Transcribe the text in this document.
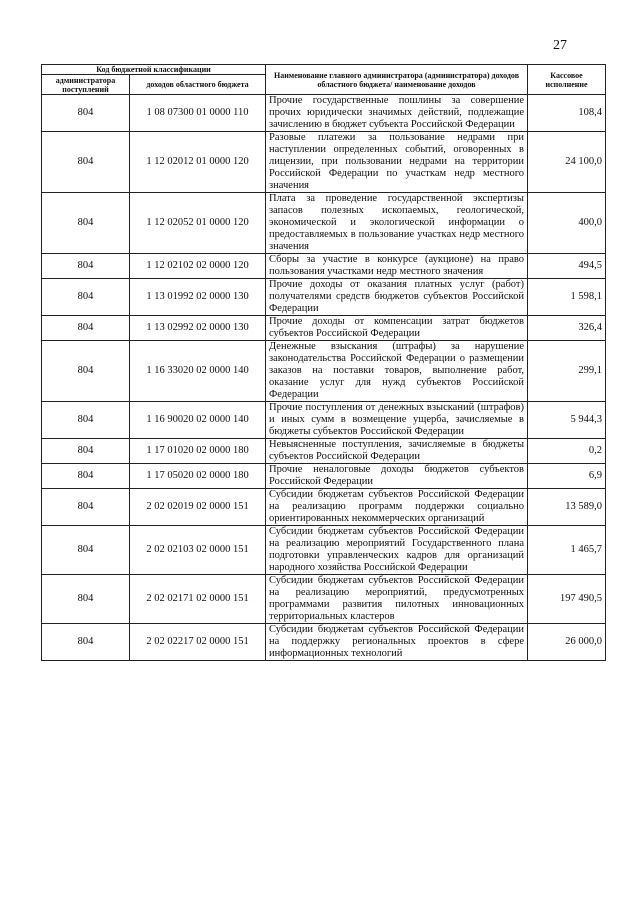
27
Код бюджетной классификации		Наименование главного администратора (администратора) доходов областного бюджета/ наименование доходов	Кассовое исполнение
администратора поступлений	доходов областного бюджета		
804	1 08 07300 01 0000 110	Прочие государственные пошлины за совершение прочих юридически значимых действий, подлежащие зачислению в бюджет субъекта Российской Федерации	108,4
804	1 12 02012 01 0000 120	Разовые платежи за пользование недрами при наступлении определенных событий, оговоренных в лицензии, при пользовании недрами на территории Российской Федерации по участкам недр местного значения	24 100,0
804	1 12 02052 01 0000 120	Плата за проведение государственной экспертизы запасов полезных ископаемых, геологической, экономической и экологической информации о предоставляемых в пользование участках недр местного значения	400,0
804	1 12 02102 02 0000 120	Сборы за участие в конкурсе (аукционе) на право пользования участками недр местного значения	494,5
804	1 13 01992 02 0000 130	Прочие доходы от оказания платных услуг (работ) получателями средств бюджетов субъектов Российской Федерации	1 598,1
804	1 13 02992 02 0000 130	Прочие доходы от компенсации затрат бюджетов субъектов Российской Федерации	326,4
804	1 16 33020 02 0000 140	Денежные взыскания (штрафы) за нарушение законодательства Российской Федерации о размещении заказов на поставки товаров, выполнение работ, оказание услуг для нужд субъектов Российской Федерации	299,1
804	1 16 90020 02 0000 140	Прочие поступления от денежных взысканий (штрафов) и иных сумм в возмещение ущерба, зачисляемые в бюджеты субъектов Российской Федерации	5 944,3
804	1 17 01020 02 0000 180	Невыясненные поступления, зачисляемые в бюджеты субъектов Российской Федерации	0,2
804	1 17 05020 02 0000 180	Прочие неналоговые доходы бюджетов субъектов Российской Федерации	6,9
804	2 02 02019 02 0000 151	Субсидии бюджетам субъектов Российской Федерации на реализацию программ поддержки социально ориентированных некоммерческих организаций	13 589,0
804	2 02 02103 02 0000 151	Субсидии бюджетам субъектов Российской Федерации на реализацию мероприятий Государственного плана подготовки управленческих кадров для организаций народного хозяйства Российской Федерации	1 465,7
804	2 02 02171 02 0000 151	Субсидии бюджетам субъектов Российской Федерации на реализацию мероприятий, предусмотренных программами развития пилотных инновационных территориальных кластеров	197 490,5
804	2 02 02217 02 0000 151	Субсидии бюджетам субъектов Российской Федерации на поддержку региональных проектов в сфере информационных технологий	26 000,0
